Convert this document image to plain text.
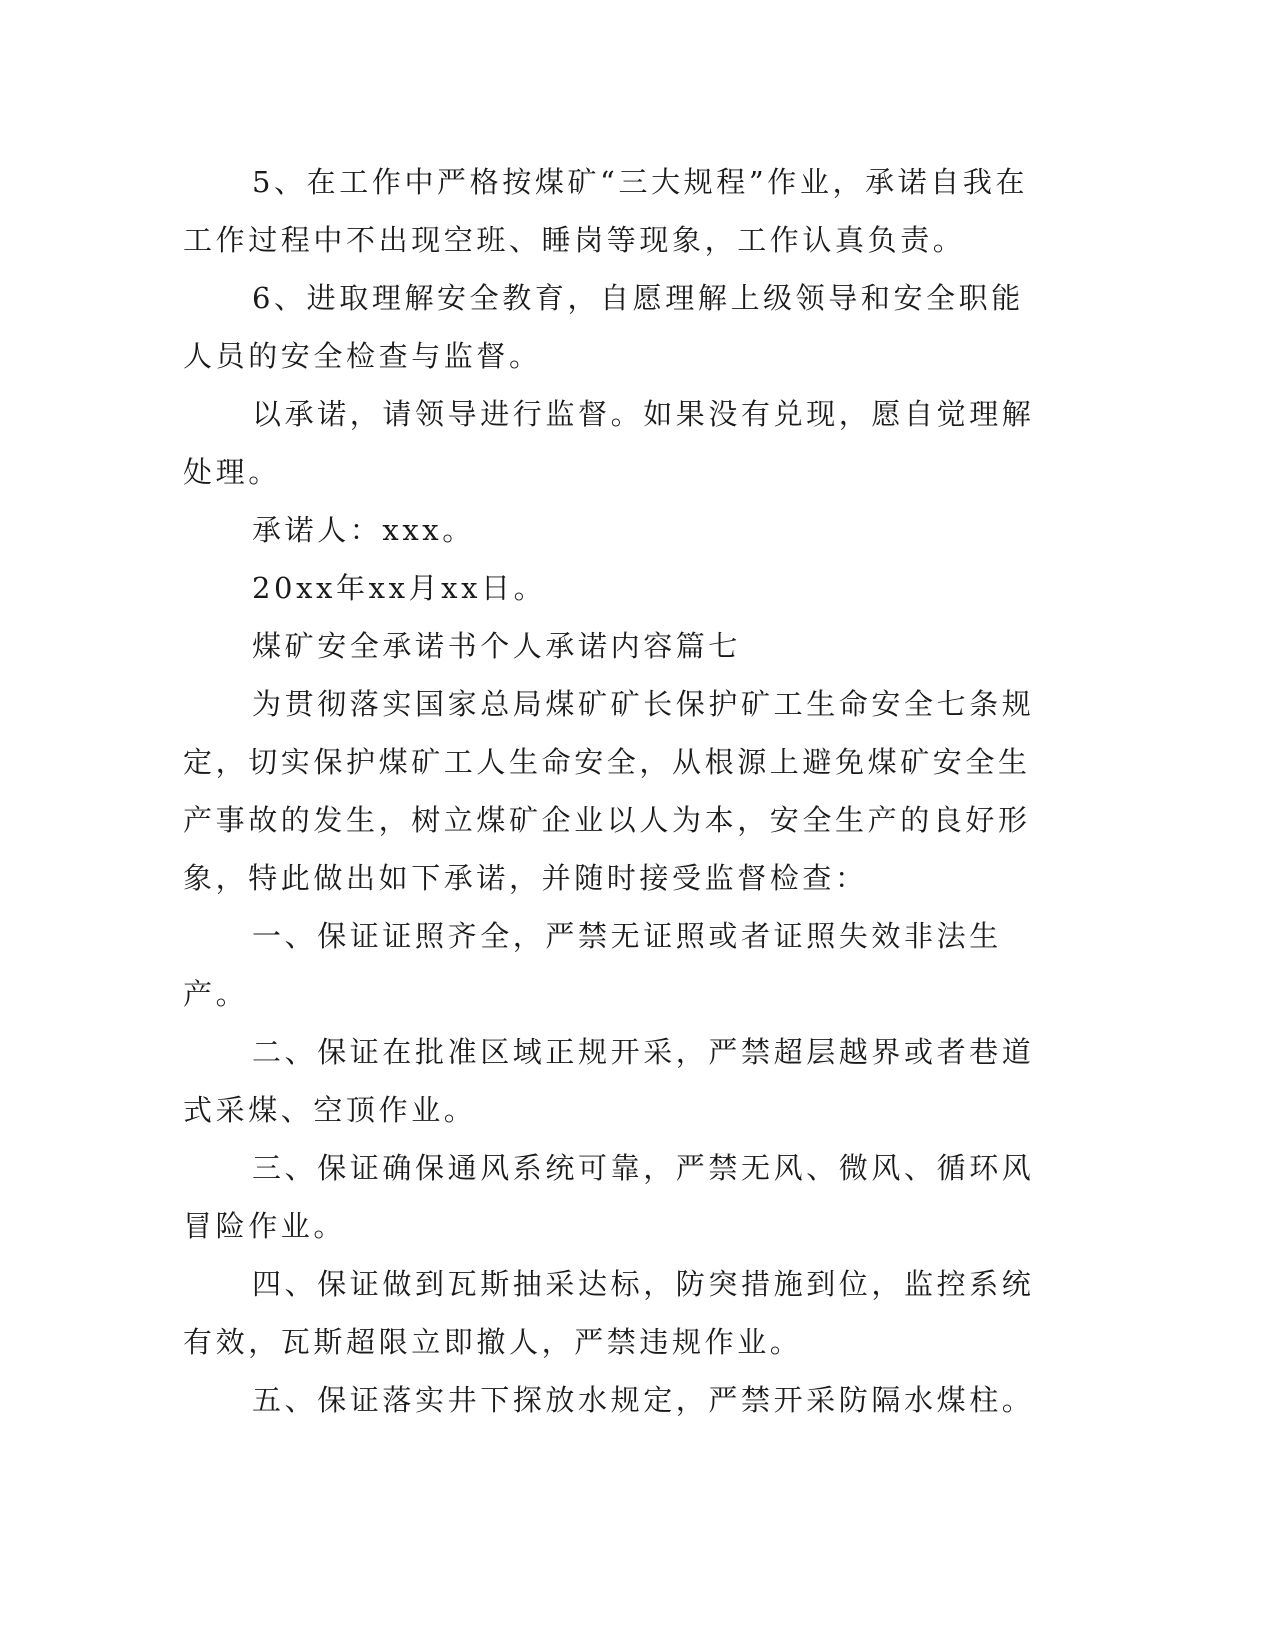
5、在工作中严格按煤矿“三大规程”作业，承诺自我在工作过程中不出现空班、睡岗等现象，工作认真负责。

6、进取理解安全教育，自愿理解上级领导和安全职能人员的安全检查与监督。

以承诺，请领导进行监督。如果没有兑现，愿自觉理解处理。

承诺人：xxx。

20xx年xx月xx日。

煤矿安全承诺书个人承诺内容篇七

为贯彻落实国家总局煤矿矿长保护矿工生命安全七条规定，切实保护煤矿工人生命安全，从根源上避免煤矿安全生产事故的发生，树立煤矿企业以人为本，安全生产的良好形象，特此做出如下承诺，并随时接受监督检查：

一、保证证照齐全，严禁无证照或者证照失效非法生产。

二、保证在批准区域正规开采，严禁超层越界或者巷道式采煤、空顶作业。

三、保证确保通风系统可靠，严禁无风、微风、循环风冒险作业。

四、保证做到瓦斯抽采达标，防突措施到位，监控系统有效，瓦斯超限立即撤人，严禁违规作业。

五、保证落实井下探放水规定，严禁开采防隔水煤柱。
